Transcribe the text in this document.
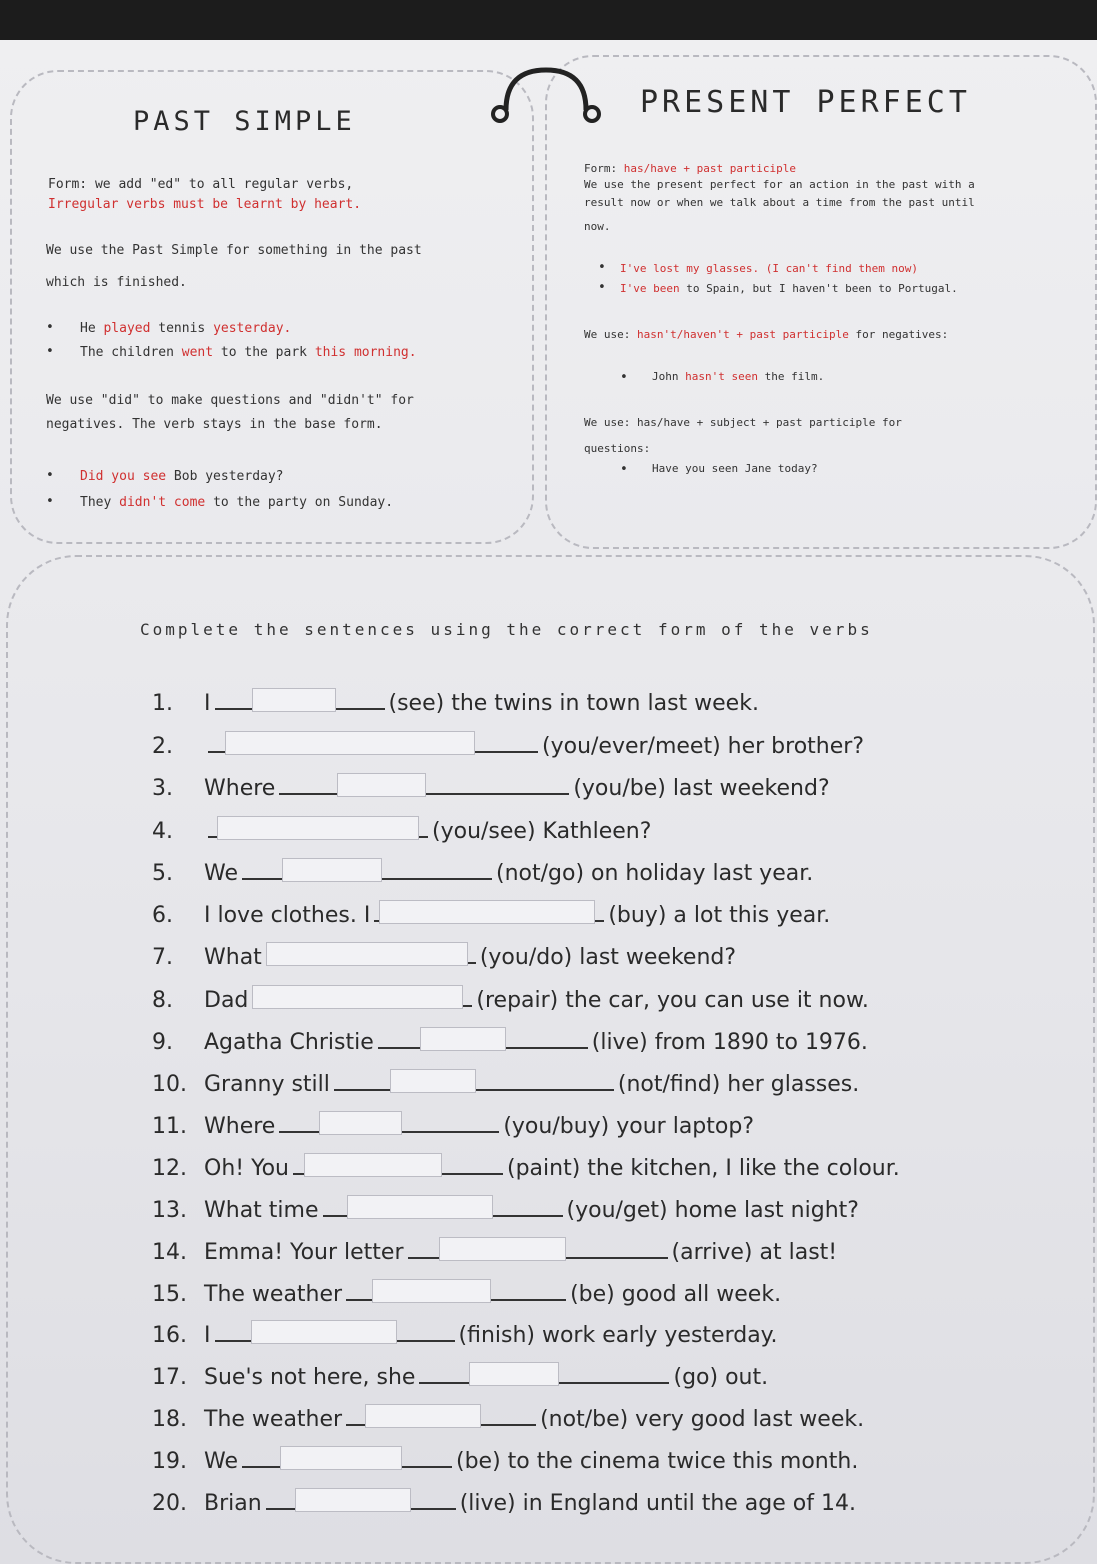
PAST SIMPLE
Form: we add "ed" to all regular verbs,
Irregular verbs must be learnt by heart.
We use the Past Simple for something in the past
which is finished.
• He played tennis yesterday.
• The children went to the park this morning.
We use "did" to make questions and "didn't" for
negatives. The verb stays in the base form.
• Did you see Bob yesterday?
• They didn't come to the party on Sunday.
PRESENT PERFECT
Form: has/have + past participle
We use the present perfect for an action in the past with a
result now or when we talk about a time from the past until
now.
• I've lost my glasses. (I can't find them now)
• I've been to Spain, but I haven't been to Portugal.
We use: hasn't/haven't + past participle for negatives:
• John hasn't seen the film.
We use: has/have + subject + past participle for
questions:
• Have you seen Jane today?
Complete the sentences using the correct form of the verbs
1. I	(see) the twins in town last week.
2.	(you/ever/meet) her brother?
3. Where	(you/be) last weekend?
4.	(you/see) Kathleen?
5. We	(not/go) on holiday last year.
6. I love clothes. I	(buy) a lot this year.
7. What	(you/do) last weekend?
8. Dad	(repair) the car, you can use it now.
9. Agatha Christie	(live) from 1890 to 1976.
10. Granny still	(not/find) her glasses.
11. Where	(you/buy) your laptop?
12. Oh! You	(paint) the kitchen, I like the colour.
13. What time	(you/get) home last night?
14. Emma! Your letter	(arrive) at last!
15. The weather	(be) good all week.
16. I	(finish) work early yesterday.
17. Sue's not here, she	(go) out.
18. The weather	(not/be) very good last week.
19. We	(be) to the cinema twice this month.
20. Brian	(live) in England until the age of 14.
